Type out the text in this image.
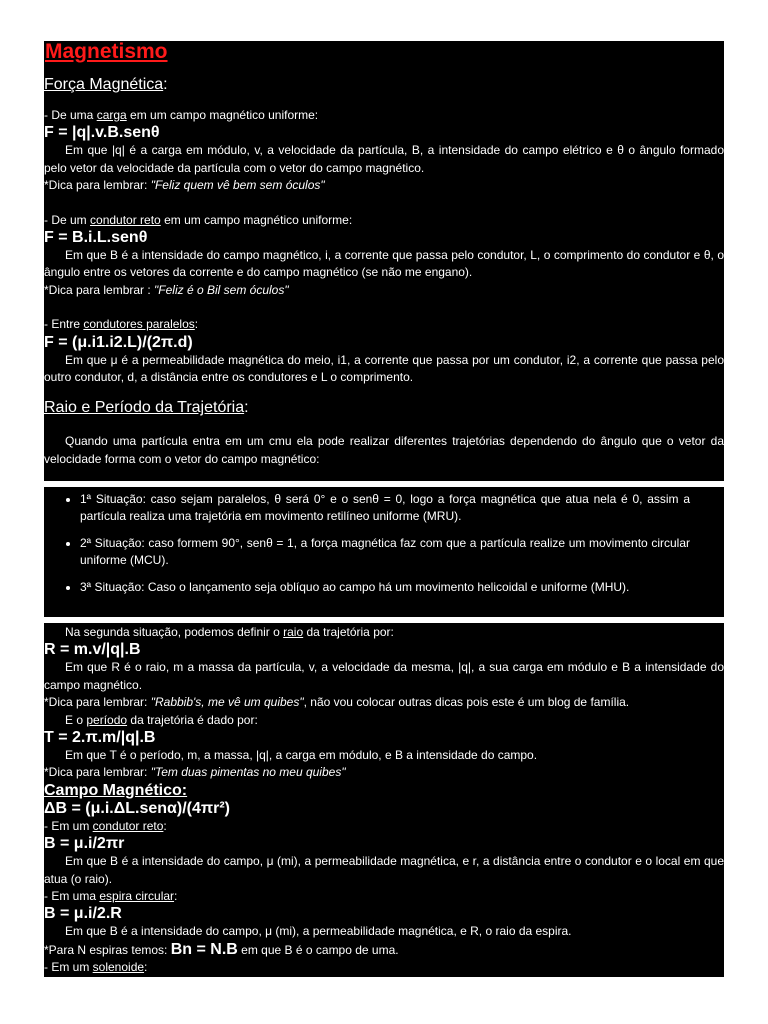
Magnetismo
Força Magnética:

- De uma carga em um campo magnético uniforme:

F = |q|.v.B.senθ

Em que |q| é a carga em módulo, v, a velocidade da partícula, B, a intensidade do campo elétrico e θ o ângulo formado pelo vetor da velocidade da partícula com o vetor do campo magnético.

*Dica para lembrar: "Feliz quem vê bem sem óculos"

- De um condutor reto em um campo magnético uniforme:

F = B.i.L.senθ

Em que B é a intensidade do campo magnético, i, a corrente que passa pelo condutor, L, o comprimento do condutor e θ, o ângulo entre os vetores da corrente e do campo magnético (se não me engano).

*Dica para lembrar : "Feliz é o Bil sem óculos"

- Entre condutores paralelos:

F = (μ.i1.i2.L)/(2π.d)

Em que μ é a permeabilidade magnética do meio, i1, a corrente que passa por um condutor, i2, a corrente que passa pelo outro condutor, d, a distância entre os condutores e L o comprimento.

Raio e Período da Trajetória:

Quando uma partícula entra em um cmu ela pode realizar diferentes trajetórias dependendo do ângulo que o vetor da velocidade forma com o vetor do campo magnético:

• 1ª Situação: caso sejam paralelos, θ será 0° e o senθ = 0, logo a força magnética que atua nela é 0, assim a partícula realiza uma trajetória em movimento retilíneo uniforme (MRU).
• 2ª Situação: caso formem 90°, senθ = 1, a força magnética faz com que a partícula realize um movimento circular uniforme (MCU).
• 3ª Situação: Caso o lançamento seja oblíquo ao campo há um movimento helicoidal e uniforme (MHU).

Na segunda situação, podemos definir o raio da trajetória por:

R = m.v/|q|.B

Em que R é o raio, m a massa da partícula, v, a velocidade da mesma, |q|, a sua carga em módulo e B a intensidade do campo magnético.

*Dica para lembrar: "Rabbib's, me vê um quibes", não vou colocar outras dicas pois este é um blog de família.

E o período da trajetória é dado por:

T = 2.π.m/|q|.B

Em que T é o período, m, a massa, |q|, a carga em módulo, e B a intensidade do campo.

*Dica para lembrar: "Tem duas pimentas no meu quibes"

Campo Magnético:
ΔB = (μ.i.ΔL.senα)/(4πr²)

- Em um condutor reto:

B = μ.i/2πr

Em que B é a intensidade do campo, μ (mi), a permeabilidade magnética, e r, a distância entre o condutor e o local em que atua (o raio).

- Em uma espira circular:

B = μ.i/2.R

Em que B é a intensidade do campo, μ (mi), a permeabilidade magnética, e R, o raio da espira.

*Para N espiras temos: Bn = N.B em que B é o campo de uma.

- Em um solenoide:
